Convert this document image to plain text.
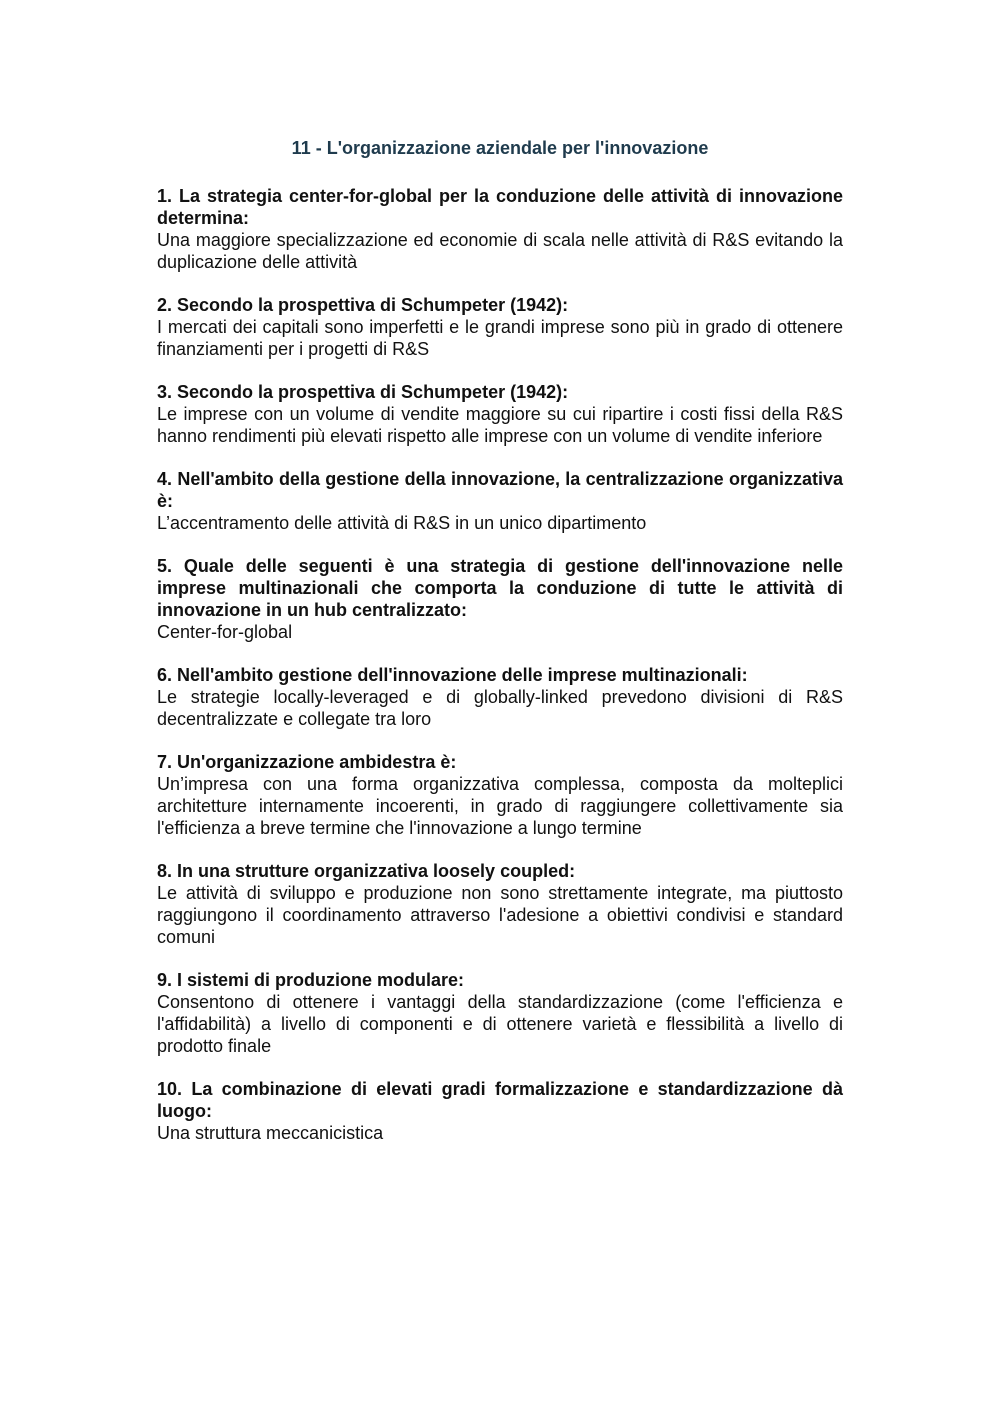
11 - L'organizzazione aziendale per l'innovazione

1. La strategia center-for-global per la conduzione delle attività di innovazione determina:

Una maggiore specializzazione ed economie di scala nelle attività di R&S evitando la duplicazione delle attività

2. Secondo la prospettiva di Schumpeter (1942):

I mercati dei capitali sono imperfetti e le grandi imprese sono più in grado di ottenere finanziamenti per i progetti di R&S

3. Secondo la prospettiva di Schumpeter (1942):

Le imprese con un volume di vendite maggiore su cui ripartire i costi fissi della R&S hanno rendimenti più elevati rispetto alle imprese con un volume di vendite inferiore

4. Nell'ambito della gestione della innovazione, la centralizzazione organizzativa è:

L’accentramento delle attività di R&S in un unico dipartimento

5. Quale delle seguenti è una strategia di gestione dell'innovazione nelle imprese multinazionali che comporta la conduzione di tutte le attività di innovazione in un hub centralizzato:

Center-for-global

6. Nell'ambito gestione dell'innovazione delle imprese multinazionali:

Le strategie locally-leveraged e di globally-linked prevedono divisioni di R&S decentralizzate e collegate tra loro

7. Un'organizzazione ambidestra è:

Un’impresa con una forma organizzativa complessa, composta da molteplici architetture internamente incoerenti, in grado di raggiungere collettivamente sia l'efficienza a breve termine che l'innovazione a lungo termine

8. In una strutture organizzativa loosely coupled:

Le attività di sviluppo e produzione non sono strettamente integrate, ma piuttosto raggiungono il coordinamento attraverso l'adesione a obiettivi condivisi e standard comuni

9. I sistemi di produzione modulare:

Consentono di ottenere i vantaggi della standardizzazione (come l'efficienza e l'affidabilità) a livello di componenti e di ottenere varietà e flessibilità a livello di prodotto finale

10. La combinazione di elevati gradi formalizzazione e standardizzazione dà luogo:

Una struttura meccanicistica
